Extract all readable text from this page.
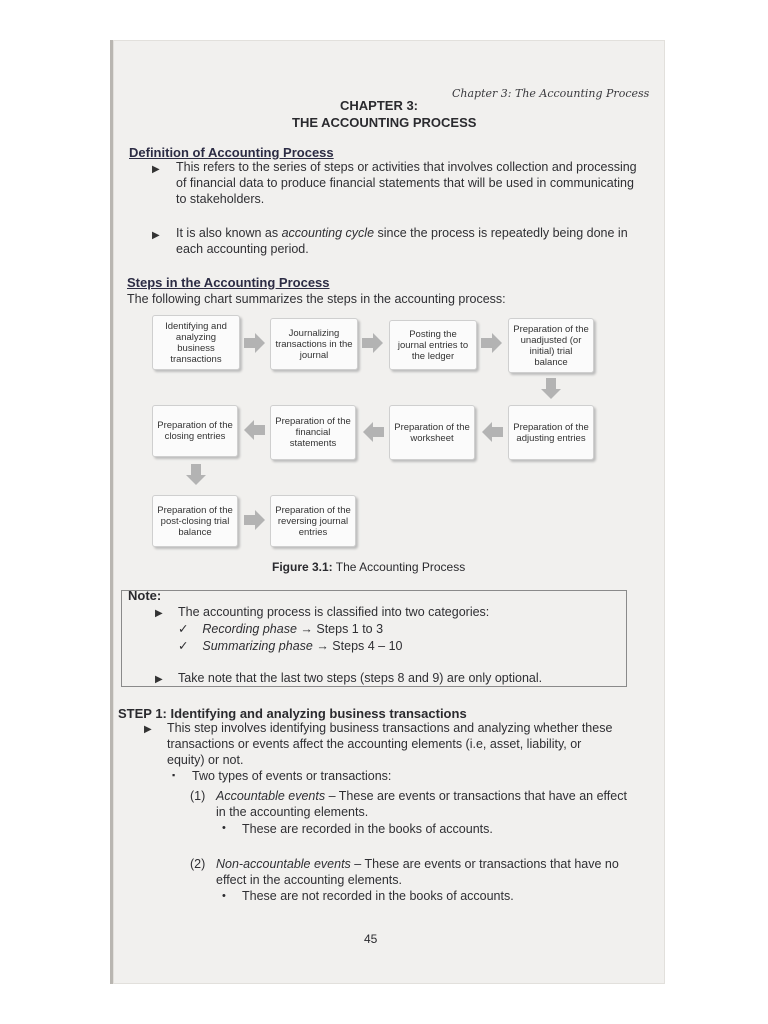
Chapter 3: The Accounting Process
CHAPTER 3:
THE ACCOUNTING PROCESS
Definition of Accounting Process
▶ This refers to the series of steps or activities that involves collection and processing
of financial data to produce financial statements that will be used in communicating
to stakeholders.
▶ It is also known as accounting cycle since the process is repeatedly being done in
each accounting period.
Steps in the Accounting Process
The following chart summarizes the steps in the accounting process:
Identifying and analyzing business transactions
Journalizing transactions in the journal
Posting the journal entries to the ledger
Preparation of the unadjusted (or initial) trial balance
Preparation of the adjusting entries
Preparation of the worksheet
Preparation of the financial statements
Preparation of the closing entries
Preparation of the post-closing trial balance
Preparation of the reversing journal entries
Figure 3.1: The Accounting Process
Note:
▶ The accounting process is classified into two categories:
✓ Recording phase → Steps 1 to 3
✓ Summarizing phase → Steps 4 – 10
▶ Take note that the last two steps (steps 8 and 9) are only optional.
STEP 1: Identifying and analyzing business transactions
▶ This step involves identifying business transactions and analyzing whether these
transactions or events affect the accounting elements (i.e, asset, liability, or
equity) or not.
▪ Two types of events or transactions:
(1) Accountable events – These are events or transactions that have an effect
in the accounting elements.
• These are recorded in the books of accounts.
(2) Non-accountable events – These are events or transactions that have no
effect in the accounting elements.
• These are not recorded in the books of accounts.
45
